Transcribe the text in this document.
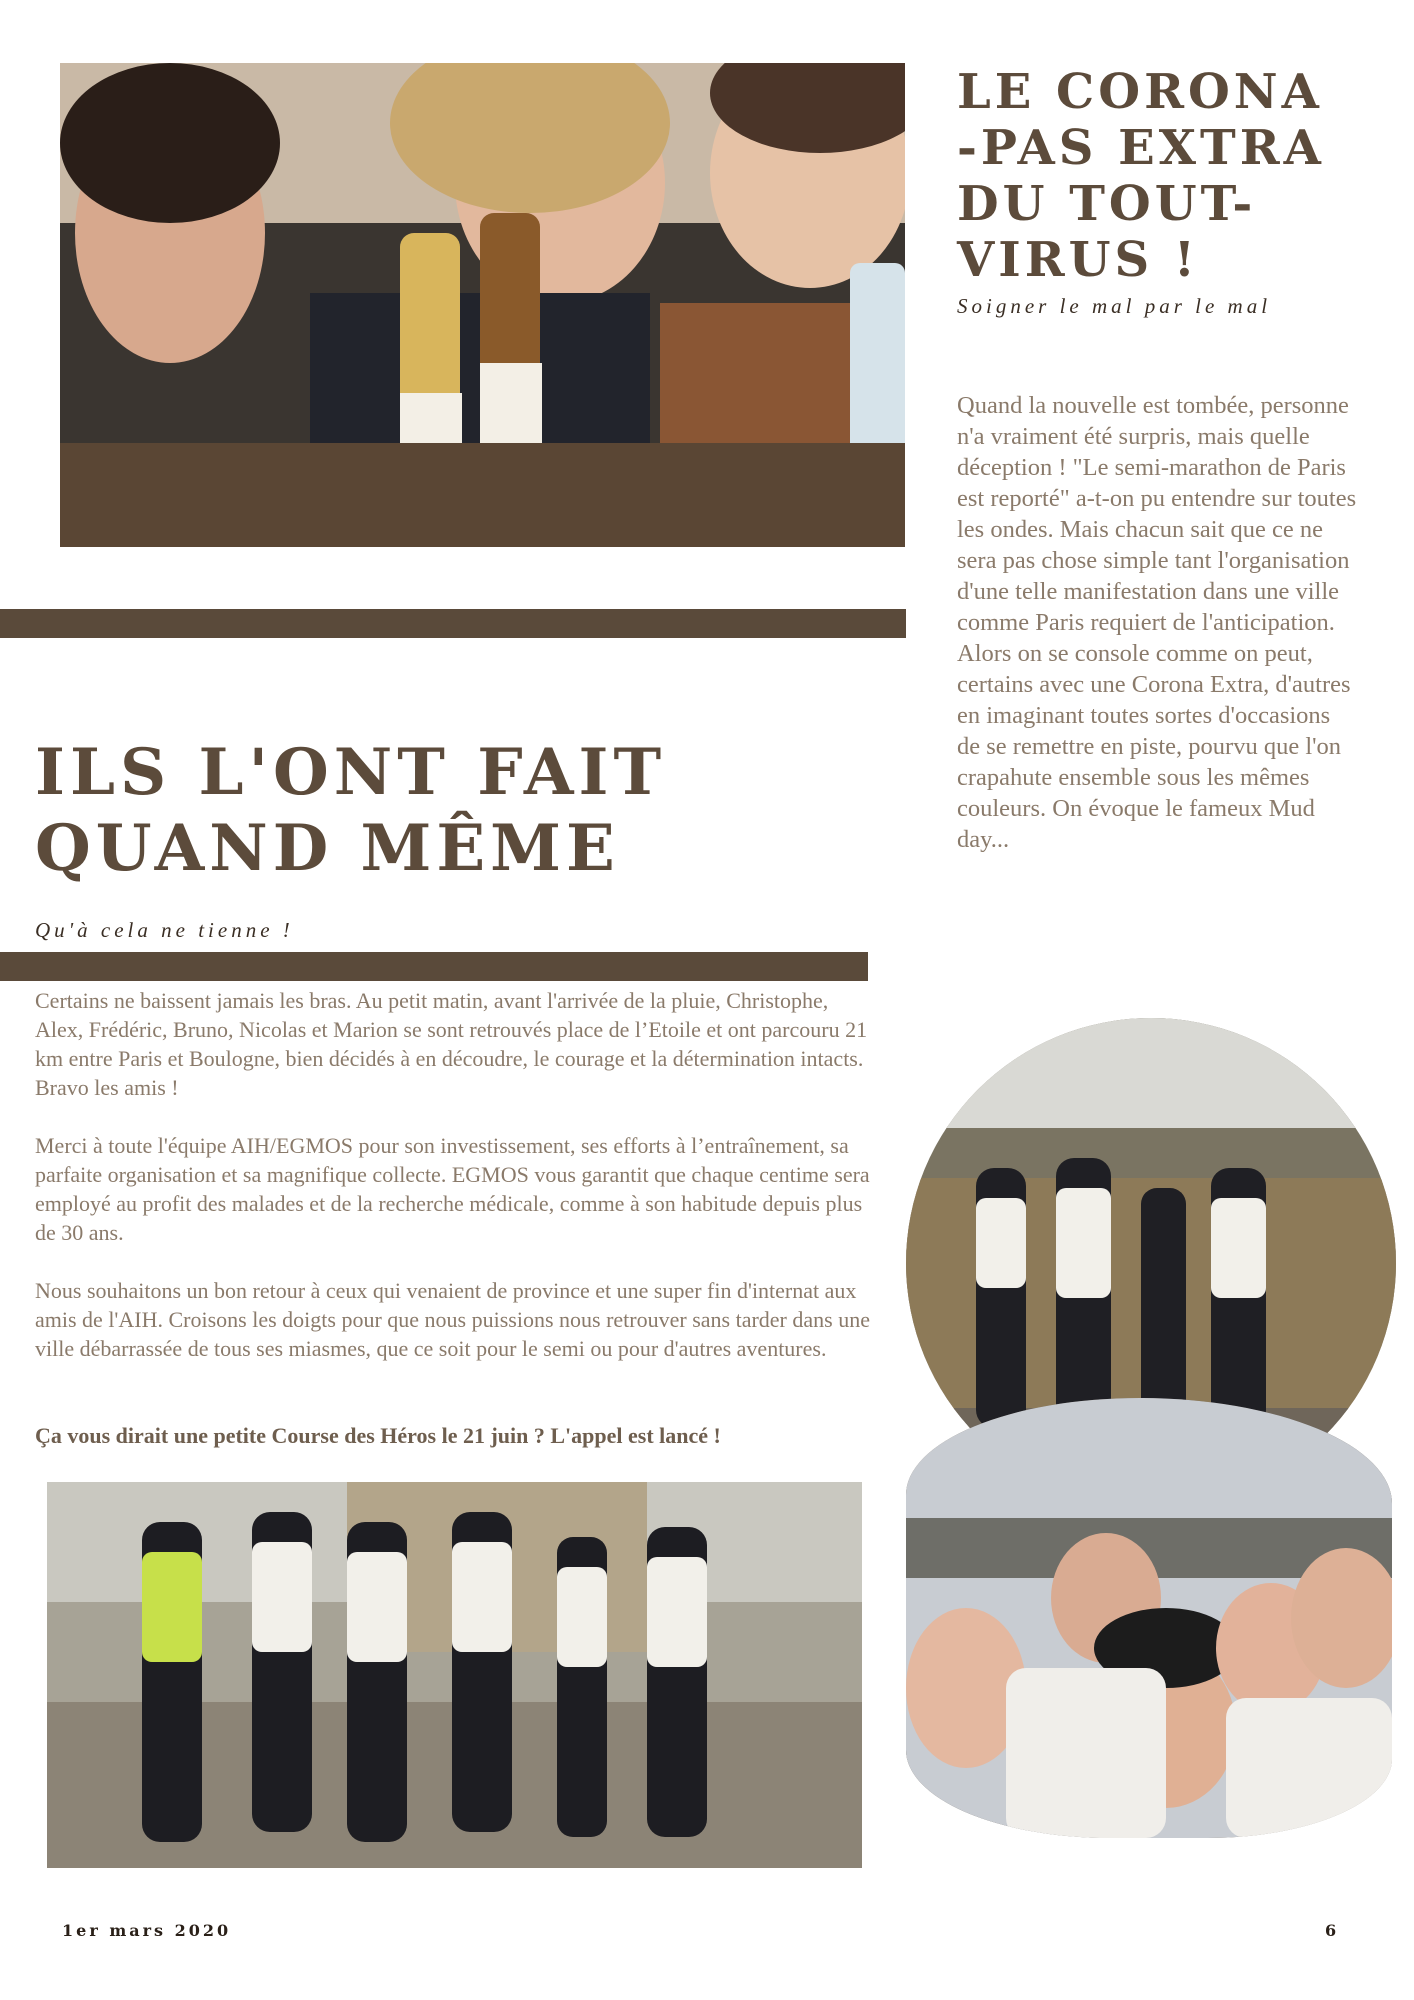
LE CORONA
-PAS EXTRA
DU TOUT-
VIRUS !

Soigner le mal par le mal

Quand la nouvelle est tombée, personne n'a vraiment été surpris, mais quelle déception ! "Le semi-marathon de Paris est reporté" a-t-on pu entendre sur toutes les ondes. Mais chacun sait que ce ne sera pas chose simple tant l'organisation d'une telle manifestation dans une ville comme Paris requiert de l'anticipation. Alors on se console comme on peut, certains avec une Corona Extra, d'autres en imaginant toutes sortes d'occasions de se remettre en piste, pourvu que l'on crapahute ensemble sous les mêmes couleurs. On évoque le fameux Mud day...

ILS L'ONT FAIT QUAND MÊME

Qu'à cela ne tienne !

Certains ne baissent jamais les bras. Au petit matin, avant l'arrivée de la pluie, Christophe, Alex, Frédéric, Bruno, Nicolas et Marion se sont retrouvés place de l’Etoile et ont parcouru 21 km entre Paris et Boulogne, bien décidés à en découdre, le courage et la détermination intacts. Bravo les amis !

Merci à toute l'équipe AIH/EGMOS pour son investissement, ses efforts à l’entraînement, sa parfaite organisation et sa magnifique collecte. EGMOS vous garantit que chaque centime sera employé au profit des malades et de la recherche médicale, comme à son habitude depuis plus de 30 ans.

Nous souhaitons un bon retour à ceux qui venaient de province et une super fin d'internat aux amis de l'AIH. Croisons les doigts pour que nous puissions nous retrouver sans tarder dans une ville débarrassée de tous ses miasmes, que ce soit pour le semi ou pour d'autres aventures.

Ça vous dirait une petite Course des Héros le 21 juin ? L'appel est lancé !

1er mars 2020	6
